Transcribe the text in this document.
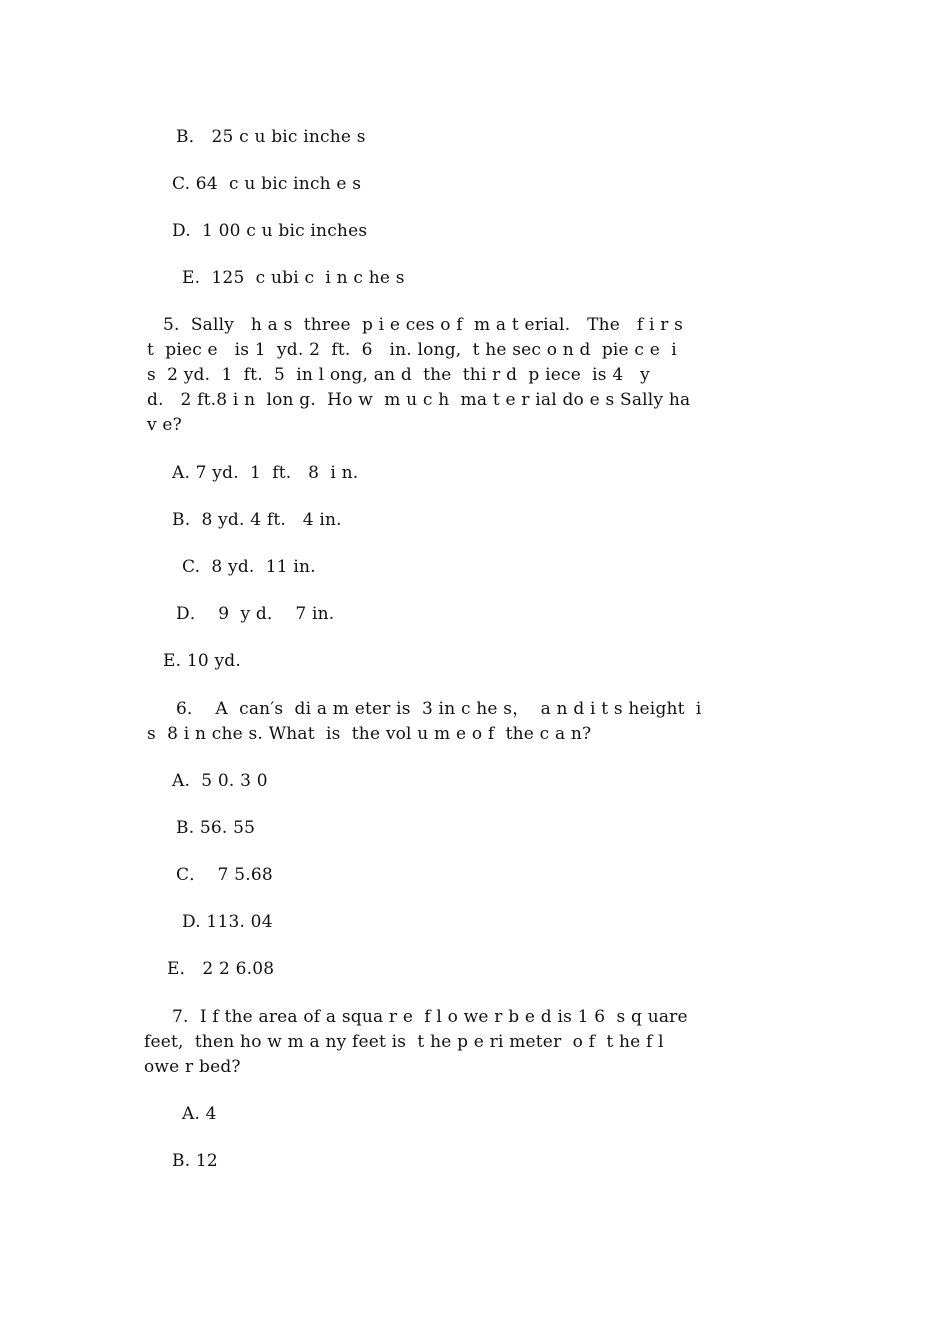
B． 25 c u bic inche s
C. 64  c u bic inch e s
D.  1 00 c u bic inches
E.  125  c ubi c  i n c he s
5.  Sally   h a s  three  p i e ces o f  m a t erial.   The   f i r s
t  piec e   is 1  yd. 2  ft.  6   in. long,  t he sec o n d  pie c e  i
s  2 yd.  1  ft.  5  in l ong, an d  the  thi r d  p iece  is 4   y
d.   2 ft.8 i n  lon g.  Ho w  m u c h  ma t e r ial do e s Sally ha
v e?
A. 7 yd.  1  ft.   8  i n.
B.  8 yd. 4 ft.   4 in.
C.  8 yd.  11 in.
D．  9  y d．  7 in.
E. 10 yd.
6．  A  can′s  di a m eter is  3 in c he s，  a n d i t s height  i
s  8 i n che s. What  is  the vol u m e o f  the c a n?
A.  5 0. 3 0
B. 56. 55
C．  7 5.68
D. 113. 04
E． 2 2 6.08
7.  I f the area of a squa r e  f l o we r b e d is 1 6  s q uare
feet,  then ho w m a ny feet is  t he p e ri meter  o f  t he f l
owe r bed?
A. 4
B. 12
